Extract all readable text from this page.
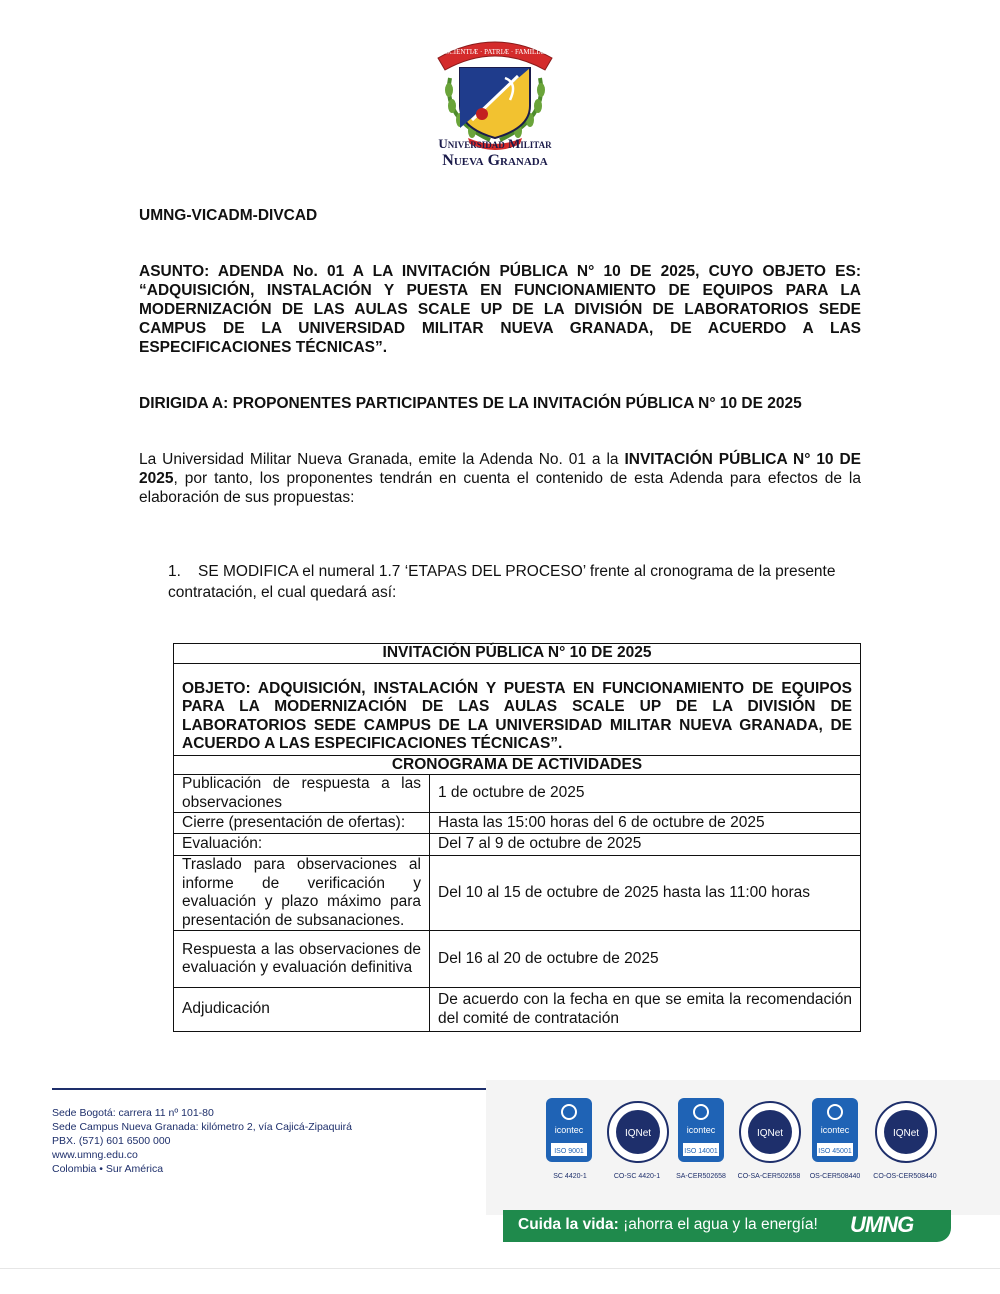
SCIENTIÆ · PATRIÆ · FAMILIÆ
Universidad Militar
Nueva Granada
UMNG-VICADM-DIVCAD
ASUNTO: ADENDA No. 01 A LA INVITACIÓN PÚBLICA N° 10 DE 2025, CUYO OBJETO ES: “ADQUISICIÓN, INSTALACIÓN Y PUESTA EN FUNCIONAMIENTO DE EQUIPOS PARA LA MODERNIZACIÓN DE LAS AULAS SCALE UP DE LA DIVISIÓN DE LABORATORIOS SEDE CAMPUS DE LA UNIVERSIDAD MILITAR NUEVA GRANADA, DE ACUERDO A LAS ESPECIFICACIONES TÉCNICAS”.
DIRIGIDA A: PROPONENTES PARTICIPANTES DE LA INVITACIÓN PÚBLICA N° 10 DE 2025
La Universidad Militar Nueva Granada, emite la Adenda No. 01 a la INVITACIÓN PÚBLICA N° 10 DE 2025, por tanto, los proponentes tendrán en cuenta el contenido de esta Adenda para efectos de la elaboración de sus propuestas:
1. SE MODIFICA el numeral 1.7 ‘ETAPAS DEL PROCESO’ frente al cronograma de la presente contratación, el cual quedará así:
INVITACIÓN PÚBLICA N° 10 DE 2025	
OBJETO: ADQUISICIÓN, INSTALACIÓN Y PUESTA EN FUNCIONAMIENTO DE EQUIPOS PARA LA MODERNIZACIÓN DE LAS AULAS SCALE UP DE LA DIVISIÓN DE LABORATORIOS SEDE CAMPUS DE LA UNIVERSIDAD MILITAR NUEVA GRANADA, DE ACUERDO A LAS ESPECIFICACIONES TÉCNICAS”.	
CRONOGRAMA DE ACTIVIDADES	
Publicación de respuesta a las observaciones	1 de octubre de 2025
Cierre (presentación de ofertas):	Hasta las 15:00 horas del 6 de octubre de 2025
Evaluación:	Del 7 al 9 de octubre de 2025
Traslado para observaciones al informe de verificación y evaluación y plazo máximo para presentación de subsanaciones.	Del 10 al 15 de octubre de 2025 hasta las 11:00 horas
Respuesta a las observaciones de evaluación y evaluación definitiva	Del 16 al 20 de octubre de 2025
Adjudicación	De acuerdo con la fecha en que se emita la recomendación del comité de contratación
Sede Bogotá: carrera 11 nº 101-80
Sede Campus Nueva Granada: kilómetro 2, vía Cajicá-Zipaquirá
PBX. (571) 601 6500 000
www.umng.edu.co
Colombia • Sur América
icontec
ISO 9001
IQNet	icontec
ISO 14001
IQNet	icontec
ISO 45001
IQNet
SC 4420-1	CO-SC 4420-1	SA-CER502658	CO-SA-CER502658	OS-CER508440	CO-OS-CER508440
Cuida la vida: ¡ahorra el agua y la energía! UMNG
